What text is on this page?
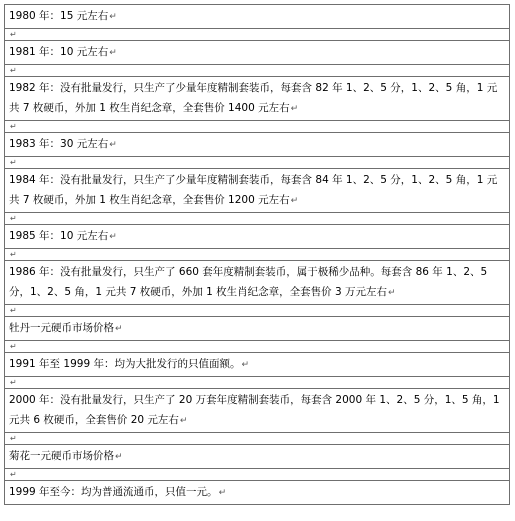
1980 年：15 元左右↵
↵
1981 年：10 元左右↵
↵
1982 年：没有批量发行，只生产了少量年度精制套装币，每套含 82 年 1、2、5 分，1、2、5 角，1 元共 7 枚硬币，外加 1 枚生肖纪念章，全套售价 1400 元左右↵
↵
1983 年：30 元左右↵
↵
1984 年：没有批量发行，只生产了少量年度精制套装币，每套含 84 年 1、2、5 分，1、2、5 角，1 元共 7 枚硬币，外加 1 枚生肖纪念章，全套售价 1200 元左右↵
↵
1985 年：10 元左右↵
↵
1986 年：没有批量发行，只生产了 660 套年度精制套装币，属于极稀少品种。每套含 86 年 1、2、5 分，1、2、5 角，1 元共 7 枚硬币，外加 1 枚生肖纪念章，全套售价 3 万元左右↵
↵
牡丹一元硬币市场价格↵
↵
1991 年至 1999 年：均为大批发行的只值面额。↵
↵
2000 年：没有批量发行，只生产了 20 万套年度精制套装币，每套含 2000 年 1、2、5 分，1、5 角，1 元共 6 枚硬币，全套售价 20 元左右↵
↵
菊花一元硬币市场价格↵
↵
1999 年至今：均为普通流通币，只值一元。↵
